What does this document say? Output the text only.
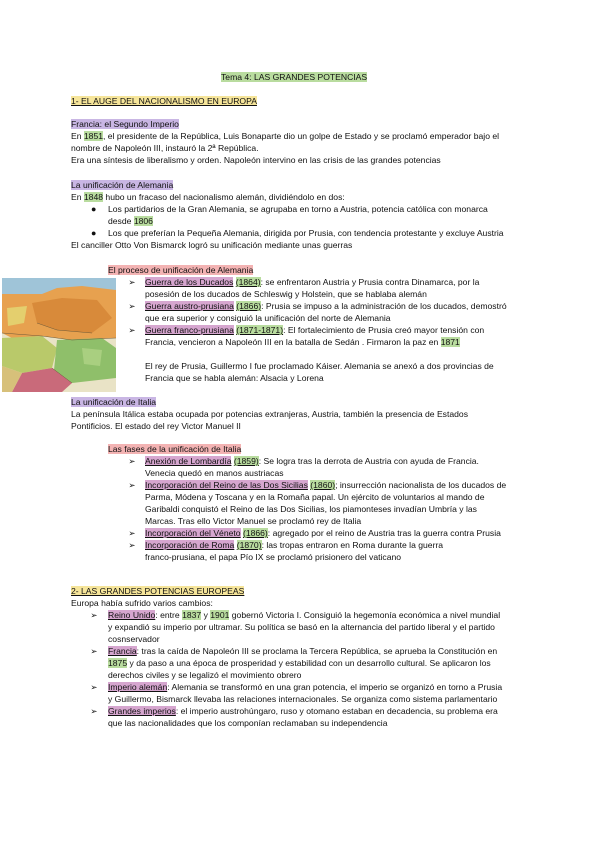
Tema 4: LAS GRANDES POTENCIAS
1- EL AUGE DEL NACIONALISMO EN EUROPA
Francia: el Segundo Imperio
En 1851, el presidente de la República, Luis Bonaparte dio un golpe de Estado y se proclamó emperador bajo el
nombre de Napoleón III, instauró la 2ª República.
Era una síntesis de liberalismo y orden. Napoleón intervino en las crisis de las grandes potencias
La unificación de Alemania
En 1848 hubo un fracaso del nacionalismo alemán, dividiéndolo en dos:
● Los partidarios de la Gran Alemania, se agrupaba en torno a Austria, potencia católica con monarca
desde 1806
● Los que preferían la Pequeña Alemania, dirigida por Prusia, con tendencia protestante y excluye Austria
El canciller Otto Von Bismarck logró su unificación mediante unas guerras
El proceso de unificación de Alemania
➢ Guerra de los Ducados (1864): se enfrentaron Austria y Prusia contra Dinamarca, por la
posesión de los ducados de Schleswig y Holstein, que se hablaba alemán
➢ Guerra austro-prusiana (1866): Prusia se impuso a la administración de los ducados, demostró
que era superior y consiguió la unificación del norte de Alemania
➢ Guerra franco-prusiana (1871-1871): El fortalecimiento de Prusia creó mayor tensión con
Francia, vencieron a Napoleón III en la batalla de Sedán . Firmaron la paz en 1871
El rey de Prusia, Guillermo I fue proclamado Káiser. Alemania se anexó a dos provincias de
Francia que se habla alemán: Alsacia y Lorena
La unificación de Italia
La península Itálica estaba ocupada por potencias extranjeras, Austria, también la presencia de Estados
Pontificios. El estado del rey Victor Manuel II
Las fases de la unificación de Italia
➢ Anexión de Lombardía (1859): Se logra tras la derrota de Austria con ayuda de Francia.
Venecia quedó en manos austriacas
➢ Incorporación del Reino de las Dos Sicilias (1860); insurrección nacionalista de los ducados de
Parma, Módena y Toscana y en la Romaña papal. Un ejército de voluntarios al mando de
Garibaldi conquistó el Reino de las Dos Sicilias, los piamonteses invadían Umbría y las
Marcas. Tras ello Victor Manuel se proclamó rey de Italia
➢ Incorporación del Véneto (1866): agregado por el reino de Austria tras la guerra contra Prusia
➢ Incorporación de Roma (1870): las tropas entraron en Roma durante la guerra
franco-prusiana, el papa Pío IX se proclamó prisionero del vaticano
2- LAS GRANDES POTENCIAS EUROPEAS
Europa había sufrido varios cambios:
➢ Reino Unido: entre 1837 y 1901 gobernó Victoria I. Consiguió la hegemonía económica a nivel mundial
y expandió su imperio por ultramar. Su política se basó en la alternancia del partido liberal y el partido
cosnservador
➢ Francia: tras la caída de Napoleón III se proclama la Tercera República, se aprueba la Constitución en
1875 y da paso a una época de prosperidad y estabilidad con un desarrollo cultural. Se aplicaron los
derechos civiles y se legalizó el movimiento obrero
➢ Imperio alemán: Alemania se transformó en una gran potencia, el imperio se organizó en torno a Prusia
y Guillermo, Bismarck llevaba las relaciones internacionales. Se organiza como sistema parlamentario
➢ Grandes imperios: el imperio austrohúngaro, ruso y otomano estaban en decadencia, su problema era
que las nacionalidades que los componían reclamaban su independencia
